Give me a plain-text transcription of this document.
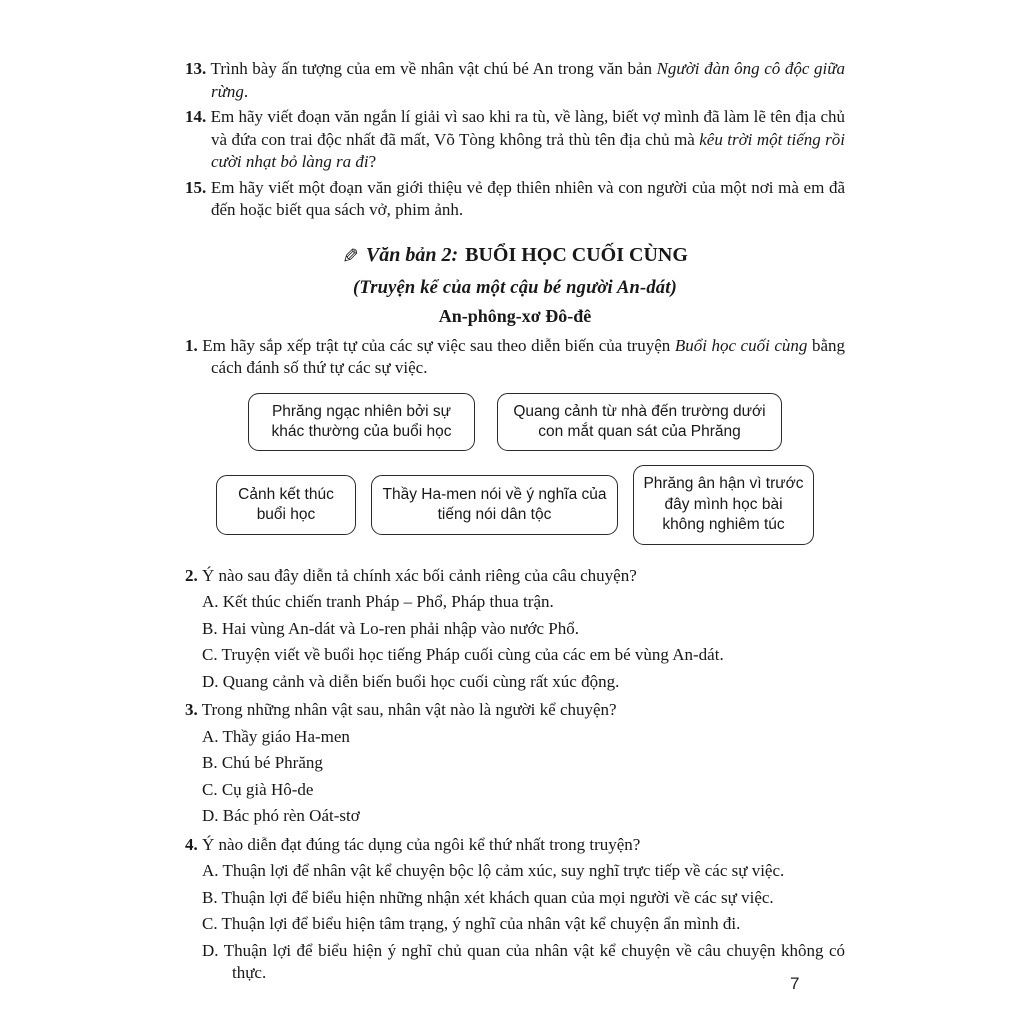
13. Trình bày ấn tượng của em về nhân vật chú bé An trong văn bản Người đàn ông cô độc giữa rừng.

14. Em hãy viết đoạn văn ngắn lí giải vì sao khi ra tù, về làng, biết vợ mình đã làm lẽ tên địa chủ và đứa con trai độc nhất đã mất, Võ Tòng không trả thù tên địa chủ mà kêu trời một tiếng rồi cười nhạt bỏ làng ra đi?

15. Em hãy viết một đoạn văn giới thiệu vẻ đẹp thiên nhiên và con người của một nơi mà em đã đến hoặc biết qua sách vở, phim ảnh.

✎ Văn bản 2: BUỔI HỌC CUỐI CÙNG
(Truyện kể của một cậu bé người An-dát)
An-phông-xơ Đô-đê

1. Em hãy sắp xếp trật tự của các sự việc sau theo diễn biến của truyện Buổi học cuối cùng bằng cách đánh số thứ tự các sự việc.

Phrăng ngạc nhiên bởi sự khác thường của buổi học
Quang cảnh từ nhà đến trường dưới con mắt quan sát của Phrăng
Cảnh kết thúc buổi học
Thầy Ha-men nói về ý nghĩa của tiếng nói dân tộc
Phrăng ân hận vì trước đây mình học bài không nghiêm túc

2. Ý nào sau đây diễn tả chính xác bối cảnh riêng của câu chuyện?

A. Kết thúc chiến tranh Pháp – Phổ, Pháp thua trận.

B. Hai vùng An-dát và Lo-ren phải nhập vào nước Phổ.

C. Truyện viết về buổi học tiếng Pháp cuối cùng của các em bé vùng An-dát.

D. Quang cảnh và diễn biến buổi học cuối cùng rất xúc động.

3. Trong những nhân vật sau, nhân vật nào là người kể chuyện?

A. Thầy giáo Ha-men

B. Chú bé Phrăng

C. Cụ già Hô-de

D. Bác phó rèn Oát-stơ

4. Ý nào diễn đạt đúng tác dụng của ngôi kể thứ nhất trong truyện?

A. Thuận lợi để nhân vật kể chuyện bộc lộ cảm xúc, suy nghĩ trực tiếp về các sự việc.

B. Thuận lợi để biểu hiện những nhận xét khách quan của mọi người về các sự việc.

C. Thuận lợi để biểu hiện tâm trạng, ý nghĩ của nhân vật kể chuyện ẩn mình đi.

D. Thuận lợi để biểu hiện ý nghĩ chủ quan của nhân vật kể chuyện về câu chuyện không có thực.

7
